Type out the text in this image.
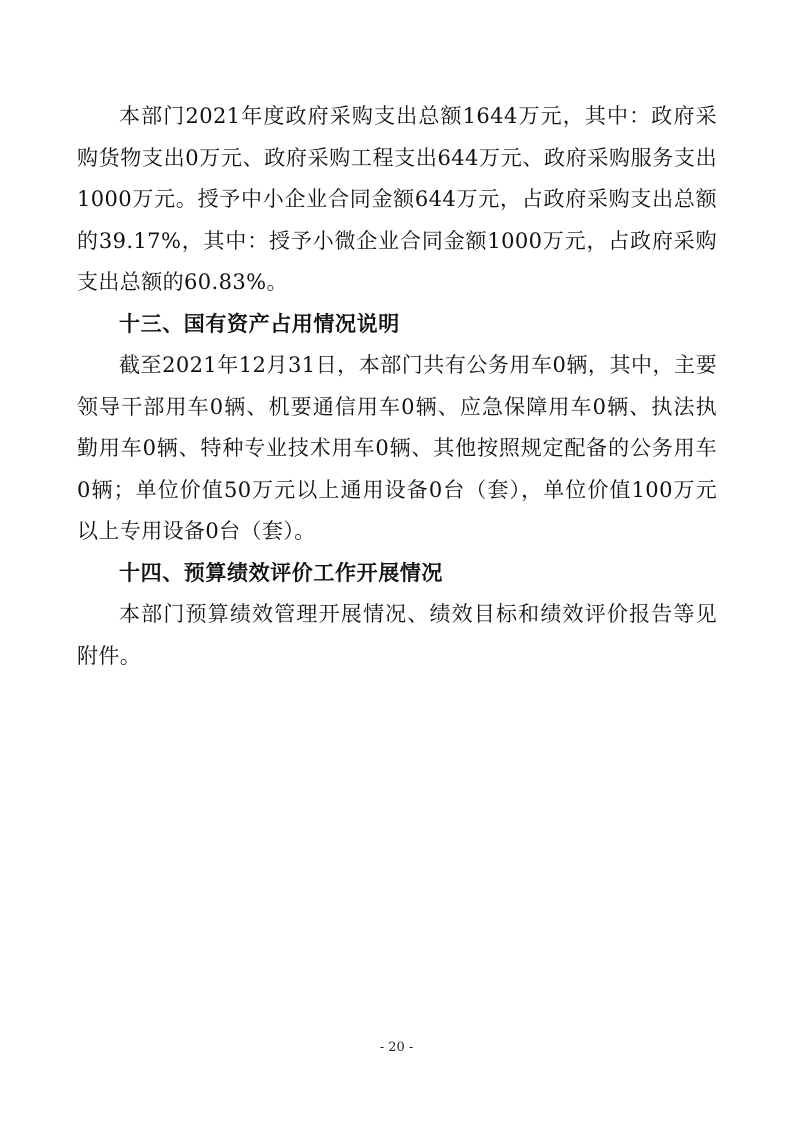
本部门2021年度政府采购支出总额1644万元，其中：政府采购货物支出0万元、政府采购工程支出644万元、政府采购服务支出1000万元。授予中小企业合同金额644万元，占政府采购支出总额的39.17%，其中：授予小微企业合同金额1000万元，占政府采购支出总额的60.83%。

十三、国有资产占用情况说明

截至2021年12月31日，本部门共有公务用车0辆，其中，主要领导干部用车0辆、机要通信用车0辆、应急保障用车0辆、执法执勤用车0辆、特种专业技术用车0辆、其他按照规定配备的公务用车0辆；单位价值50万元以上通用设备0台（套），单位价值100万元以上专用设备0台（套）。

十四、预算绩效评价工作开展情况

本部门预算绩效管理开展情况、绩效目标和绩效评价报告等见附件。

- 20 -
